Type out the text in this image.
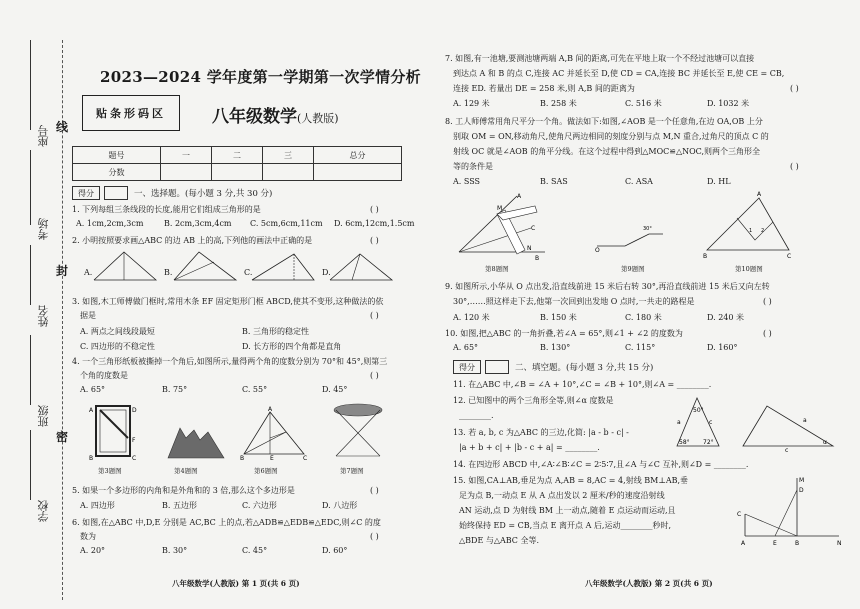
座号
考场
姓名
班级
学校
线
封
密
2023—2024 学年度第一学期第一次学情分析
贴条形码区	八年级数学(人教版)
题号	一	二	三	总分
分数				
得分	一、选择题。(每小题 3 分,共 30 分)
1. 下列每组三条线段的长度,能用它们组成三角形的是	( )
A. 1cm,2cm,3cm	B. 2cm,3cm,4cm C. 5cm,6cm,11cm D. 6cm,12cm,1.5cm
2. 小明按照要求画△ABC 的边 AB 上的高,下列他的画法中正确的是	( )
A.	B.	C.	D.
3. 如图,木工师傅做门框时,常用木条 EF 固定矩形门框 ABCD,使其不变形,这种做法的依
据是	( )
A. 两点之间线段最短	B. 三角形的稳定性
C. 四边形的不稳定性	D. 长方形的四个角都是直角
4. 一个三角形纸板被撕掉一个角后,如图所示,量得两个角的度数分别为 70°和 45°,则第三
个角的度数是	( )
A. 65°	B. 75°	C. 55°	D. 45°
A	D
F
B	C
A
B	E	C
第3题图	第4题图	第6题图	第7题图
5. 如果一个多边形的内角和是外角和的 3 倍,那么这个多边形是	( )
A. 四边形	B. 五边形	C. 六边形	D. 八边形
6. 如图,在△ABC 中,D,E 分别是 AC,BC 上的点,若△ADB≌△EDB≌△EDC,则∠C 的度
数为	( )
A. 20°	B. 30°	C. 45°	D. 60°
八年级数学(人教版) 第 1 页(共 6 页)
7. 如图,有一池塘,要测池塘两端 A,B 间的距离,可先在平地上取一个不经过池塘可以直接
到达点 A 和 B 的点 C,连接 AC 并延长至 D,使 CD = CA,连接 BC 并延长至 E,使 CE = CB,
连接 ED. 若量出 DE = 258 米,则 A,B 间的距离为	( )
A. 129 米	B. 258 米	C. 516 米	D. 1032 米
8. 工人师傅常用角尺平分一个角。做法如下:如图,∠AOB 是一个任意角,在边 OA,OB 上分
别取 OM = ON,移动角尺,使角尺两边相同的刻度分别与点 M,N 重合,过角尺的顶点 C 的
射线 OC 就是∠AOB 的角平分线。在这个过程中得到△MOC≌△NOC,则两个三角形全
等的条件是	( )
A. SSS	B. SAS	C. ASA	D. HL
A
M
N
B
C
O
30°
A
B	C
1 2
第8题图	第9题图	第10题图
9. 如图所示,小华从 O 点出发,沿直线前进 15 米后右转 30°,再沿直线前进 15 米后又向左转
30°,……照这样走下去,他第一次回到出发地 O 点时,一共走的路程是	( )
A. 120 米	B. 150 米	C. 180 米	D. 240 米
10. 如图,把△ABC 的一角折叠,若∠A = 65°,则∠1 + ∠2 的度数为	( )
A. 65°	B. 130°	C. 115°	D. 160°
得分	二、填空题。(每小题 3 分,共 15 分)
11. 在△ABC 中,∠B = ∠A + 10°,∠C = ∠B + 10°,则∠A = ________.
12. 已知图中的两个三角形全等,则∠α 度数是
________.
50°
58° 72°
a	c	a
c
α
13. 若 a, b, c 为△ABC 的三边,化简: |a - b - c| -
|a + b + c| + |b - c + a| = ________.
14. 在四边形 ABCD 中,∠A∶∠B∶∠C = 2∶5∶7,且∠A 与∠C 互补,则∠D = ________.
15. 如图,CA⊥AB,垂足为点 A,AB = 8,AC = 4,射线 BM⊥AB,垂
足为点 B,一动点 E 从 A 点出发以 2 厘米/秒的速度沿射线
AN 运动,点 D 为射线 BM 上一动点,随着 E 点运动而运动,且
始终保持 ED = CB,当点 E 离开点 A 后,运动________秒时,
△BDE 与△ABC 全等.
M
D
C
A	E	B	N
八年级数学(人教版) 第 2 页(共 6 页)
